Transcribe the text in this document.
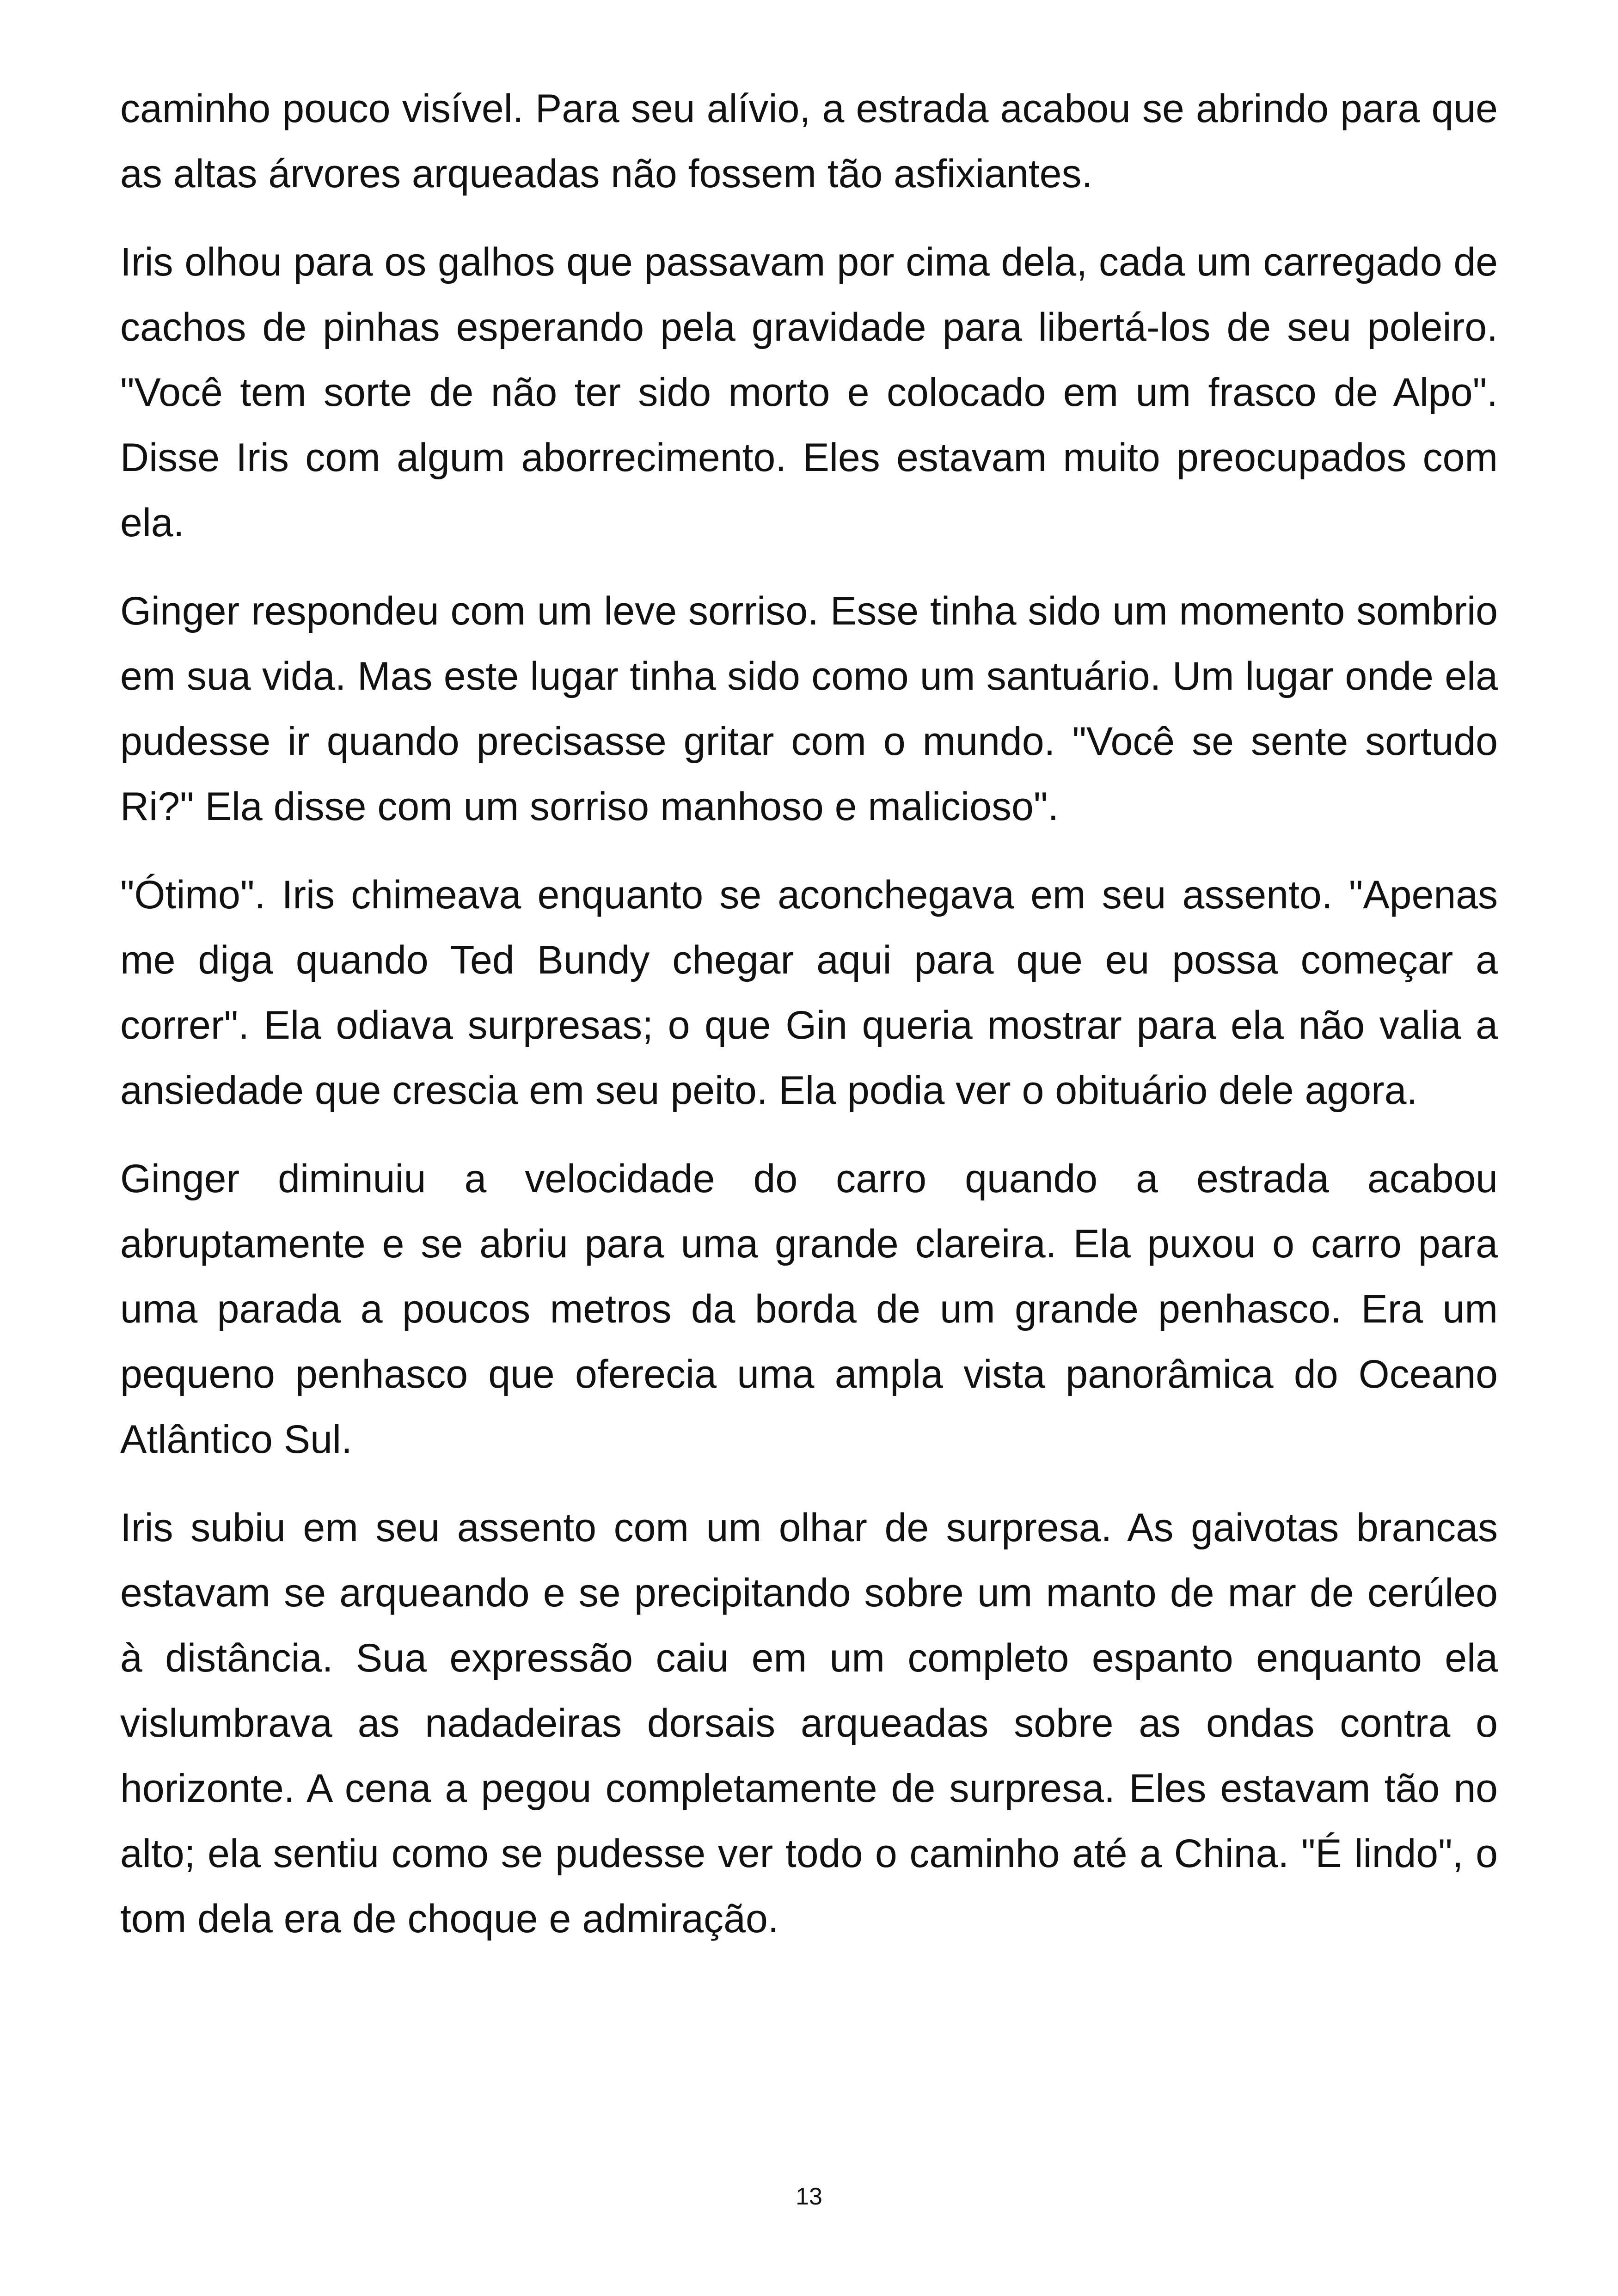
caminho pouco visível. Para seu alívio, a estrada acabou se abrindo para que as altas árvores arqueadas não fossem tão asfixiantes.

Iris olhou para os galhos que passavam por cima dela, cada um carregado de cachos de pinhas esperando pela gravidade para libertá-los de seu poleiro. "Você tem sorte de não ter sido morto e colocado em um frasco de Alpo". Disse Iris com algum aborrecimento. Eles estavam muito preocupados com ela.

Ginger respondeu com um leve sorriso. Esse tinha sido um momento sombrio em sua vida. Mas este lugar tinha sido como um santuário. Um lugar onde ela pudesse ir quando precisasse gritar com o mundo. "Você se sente sortudo Ri?" Ela disse com um sorriso manhoso e malicioso".

"Ótimo". Iris chimeava enquanto se aconchegava em seu assento. "Apenas me diga quando Ted Bundy chegar aqui para que eu possa começar a correr". Ela odiava surpresas; o que Gin queria mostrar para ela não valia a ansiedade que crescia em seu peito. Ela podia ver o obituário dele agora.

Ginger diminuiu a velocidade do carro quando a estrada acabou abruptamente e se abriu para uma grande clareira. Ela puxou o carro para uma parada a poucos metros da borda de um grande penhasco. Era um pequeno penhasco que oferecia uma ampla vista panorâmica do Oceano Atlântico Sul.

Iris subiu em seu assento com um olhar de surpresa. As gaivotas brancas estavam se arqueando e se precipitando sobre um manto de mar de cerúleo à distância. Sua expressão caiu em um completo espanto enquanto ela vislumbrava as nadadeiras dorsais arqueadas sobre as ondas contra o horizonte. A cena a pegou completamente de surpresa. Eles estavam tão no alto; ela sentiu como se pudesse ver todo o caminho até a China. "É lindo", o tom dela era de choque e admiração.

13
